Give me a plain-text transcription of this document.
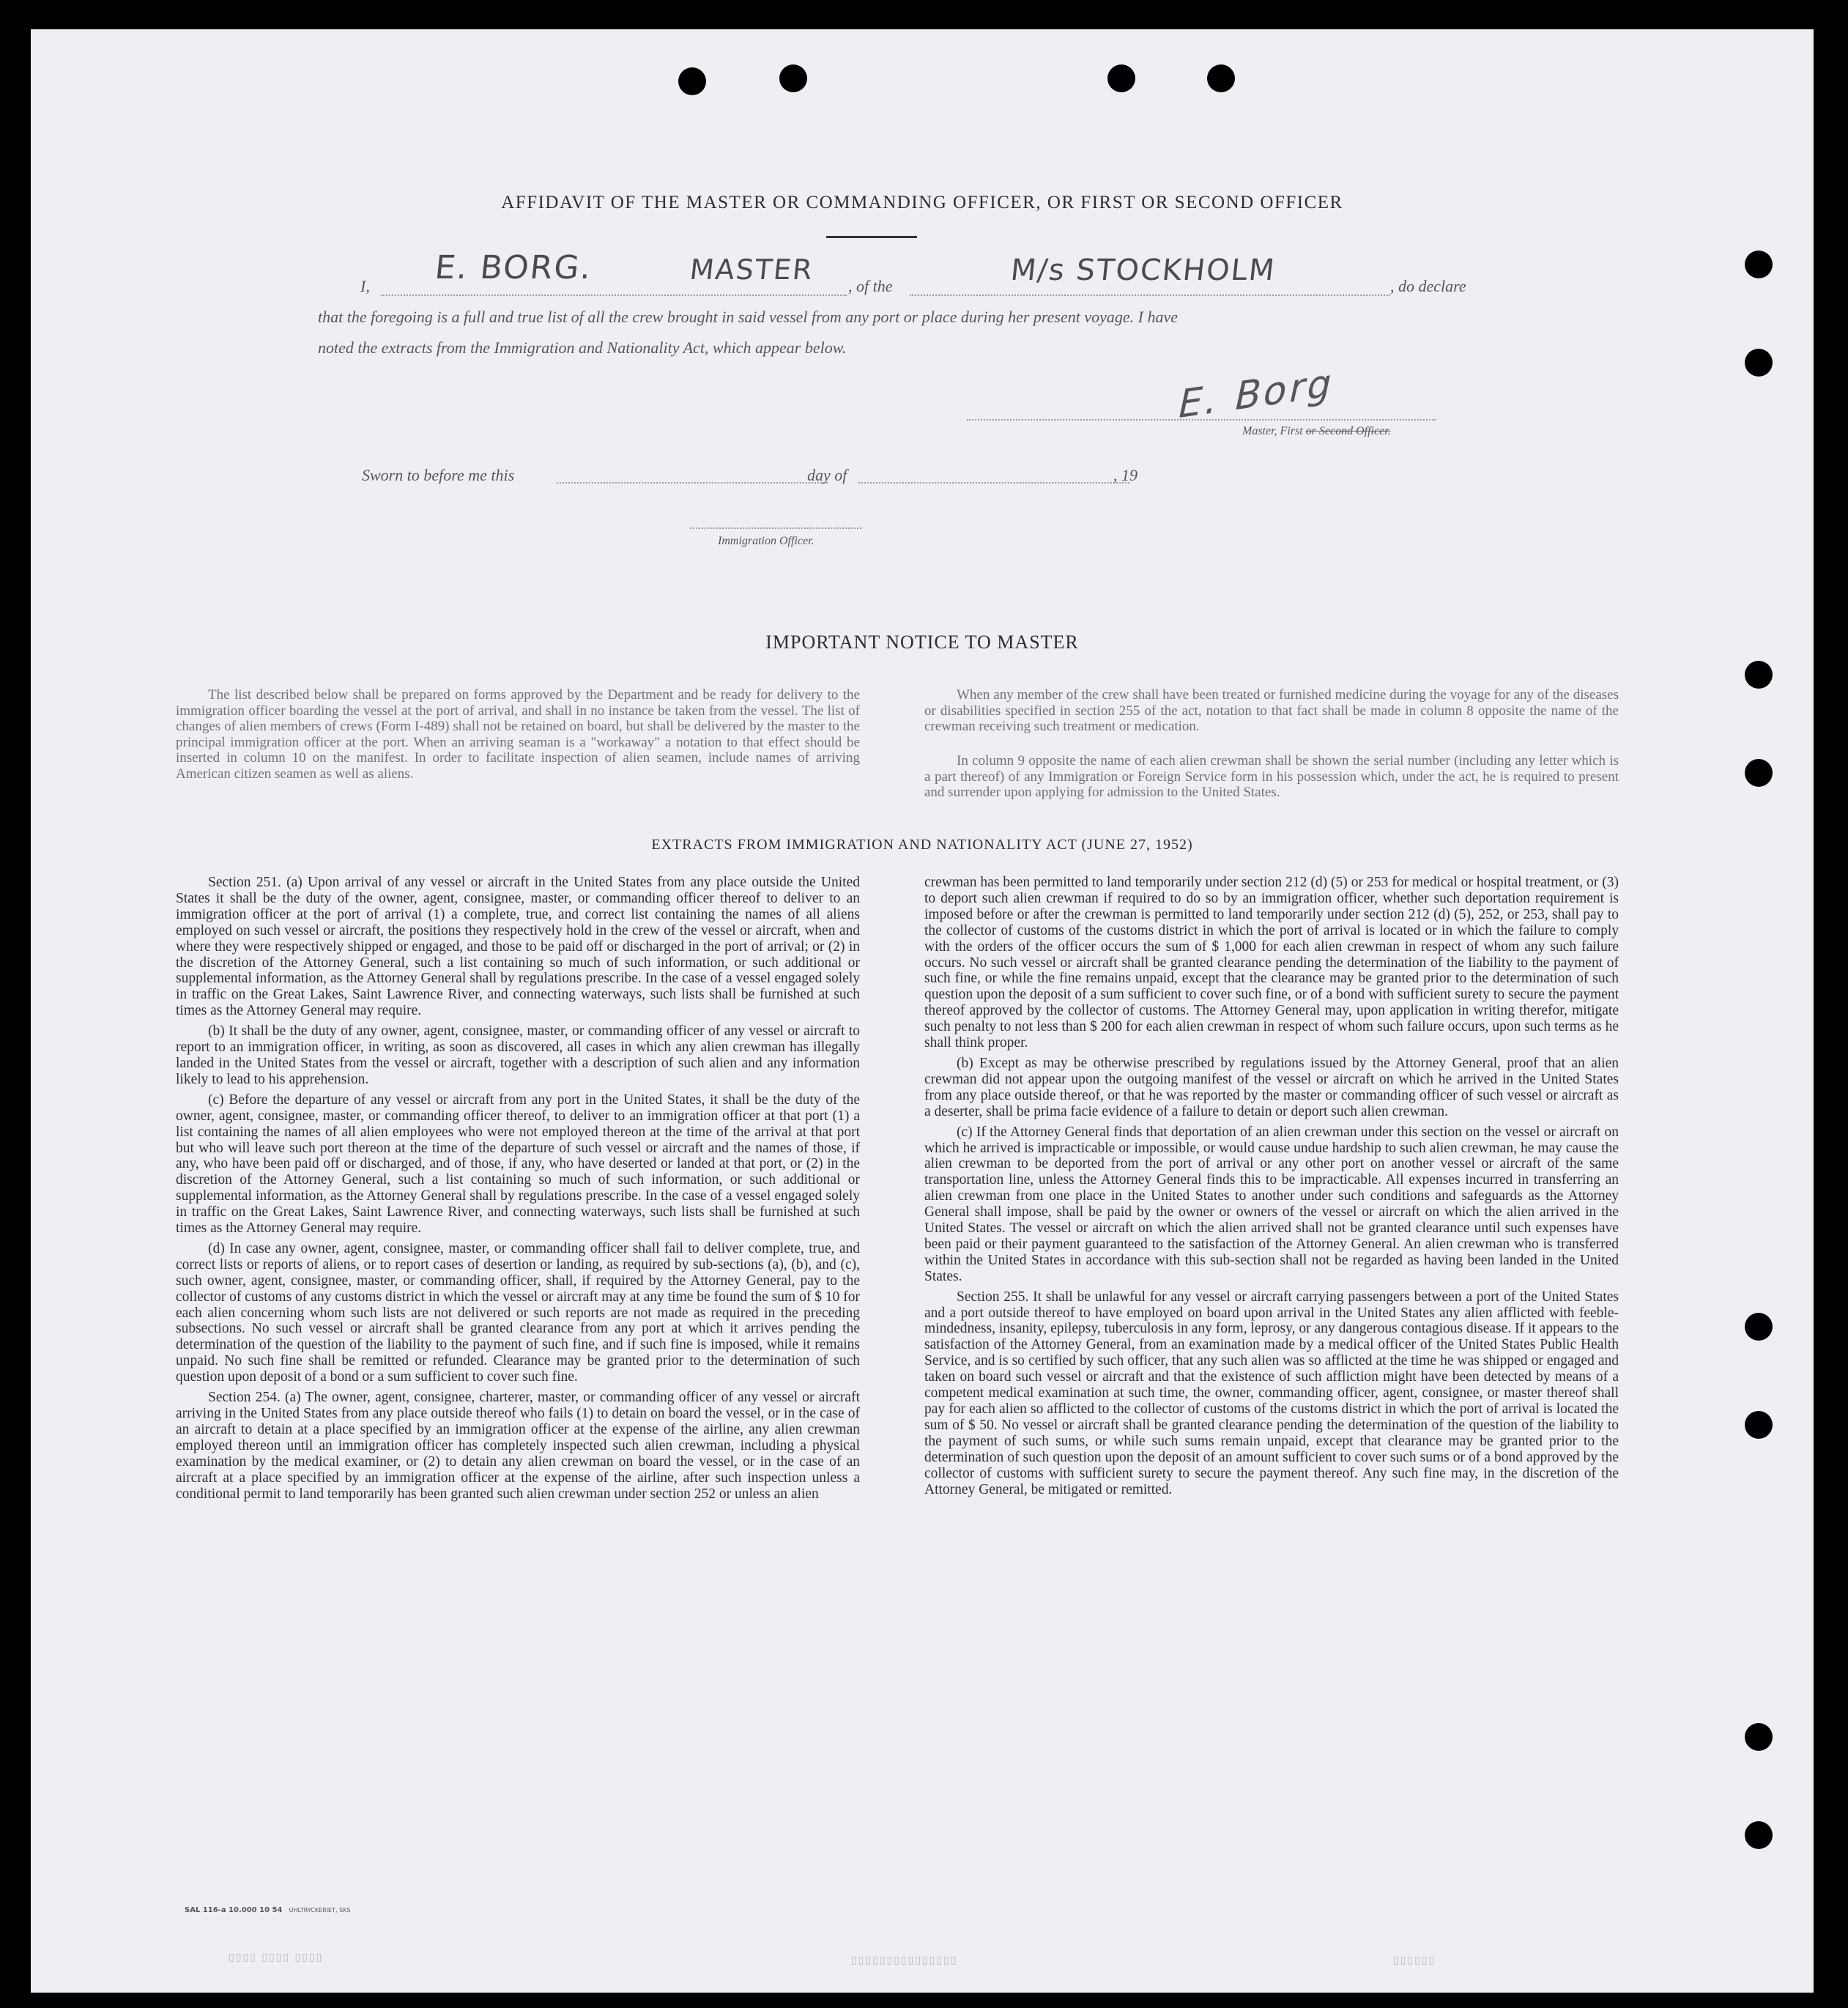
AFFIDAVIT OF THE MASTER OR COMMANDING OFFICER, OR FIRST OR SECOND OFFICER
I, E. BORG.	MASTER
, of the	M/s STOCKHOLM	, do declare
that the foregoing is a full and true list of all the crew brought in said vessel from any port or place during her present voyage. I have
noted the extracts from the Immigration and Nationality Act, which appear below.
E. Borg
Master, First or Second Officer.
Sworn to before me this	day of	, 19
Immigration Officer.
IMPORTANT NOTICE TO MASTER

The list described below shall be prepared on forms approved by the Department and be ready for delivery to the immigration officer boarding the vessel at the port of arrival, and shall in no instance be taken from the vessel. The list of changes of alien members of crews (Form I-489) shall not be retained on board, but shall be delivered by the master to the principal immigration officer at the port. When an arriving seaman is a "workaway" a notation to that effect should be inserted in column 10 on the manifest. In order to facilitate inspection of alien seamen, include names of arriving American citizen seamen as well as aliens.

When any member of the crew shall have been treated or furnished medicine during the voyage for any of the diseases or disabilities specified in section 255 of the act, notation to that fact shall be made in column 8 opposite the name of the crewman receiving such treatment or medication.

In column 9 opposite the name of each alien crewman shall be shown the serial number (including any letter which is a part thereof) of any Immigration or Foreign Service form in his possession which, under the act, he is required to present and surrender upon applying for admission to the United States.

EXTRACTS FROM IMMIGRATION AND NATIONALITY ACT (JUNE 27, 1952)

Section 251. (a) Upon arrival of any vessel or aircraft in the United States from any place outside the United States it shall be the duty of the owner, agent, consignee, master, or commanding officer thereof to deliver to an immigration officer at the port of arrival (1) a complete, true, and correct list containing the names of all aliens employed on such vessel or aircraft, the positions they respectively hold in the crew of the vessel or aircraft, when and where they were respectively shipped or engaged, and those to be paid off or discharged in the port of arrival; or (2) in the discretion of the Attorney General, such a list containing so much of such information, or such additional or supplemental information, as the Attorney General shall by regulations prescribe. In the case of a vessel engaged solely in traffic on the Great Lakes, Saint Lawrence River, and connecting waterways, such lists shall be furnished at such times as the Attorney General may require.

(b) It shall be the duty of any owner, agent, consignee, master, or commanding officer of any vessel or aircraft to report to an immigration officer, in writing, as soon as discovered, all cases in which any alien crewman has illegally landed in the United States from the vessel or aircraft, together with a description of such alien and any information likely to lead to his apprehension.

(c) Before the departure of any vessel or aircraft from any port in the United States, it shall be the duty of the owner, agent, consignee, master, or commanding officer thereof, to deliver to an immigration officer at that port (1) a list containing the names of all alien employees who were not employed thereon at the time of the arrival at that port but who will leave such port thereon at the time of the departure of such vessel or aircraft and the names of those, if any, who have been paid off or discharged, and of those, if any, who have deserted or landed at that port, or (2) in the discretion of the Attorney General, such a list containing so much of such information, or such additional or supplemental information, as the Attorney General shall by regulations prescribe. In the case of a vessel engaged solely in traffic on the Great Lakes, Saint Lawrence River, and connecting waterways, such lists shall be furnished at such times as the Attorney General may require.

(d) In case any owner, agent, consignee, master, or commanding officer shall fail to deliver complete, true, and correct lists or reports of aliens, or to report cases of desertion or landing, as required by sub-sections (a), (b), and (c), such owner, agent, consignee, master, or commanding officer, shall, if required by the Attorney General, pay to the collector of customs of any customs district in which the vessel or aircraft may at any time be found the sum of $ 10 for each alien concerning whom such lists are not delivered or such reports are not made as required in the preceding subsections. No such vessel or aircraft shall be granted clearance from any port at which it arrives pending the determination of the question of the liability to the payment of such fine, and if such fine is imposed, while it remains unpaid. No such fine shall be remitted or refunded. Clearance may be granted prior to the determination of such question upon deposit of a bond or a sum sufficient to cover such fine.

Section 254. (a) The owner, agent, consignee, charterer, master, or commanding officer of any vessel or aircraft arriving in the United States from any place outside thereof who fails (1) to detain on board the vessel, or in the case of an aircraft to detain at a place specified by an immigration officer at the expense of the airline, any alien crewman employed thereon until an immigration officer has completely inspected such alien crewman, including a physical examination by the medical examiner, or (2) to detain any alien crewman on board the vessel, or in the case of an aircraft at a place specified by an immigration officer at the expense of the airline, after such inspection unless a conditional permit to land temporarily has been granted such alien crewman under section 252 or unless an alien

crewman has been permitted to land temporarily under section 212 (d) (5) or 253 for medical or hospital treatment, or (3) to deport such alien crewman if required to do so by an immigration officer, whether such deportation requirement is imposed before or after the crewman is permitted to land temporarily under section 212 (d) (5), 252, or 253, shall pay to the collector of customs of the customs district in which the port of arrival is located or in which the failure to comply with the orders of the officer occurs the sum of $ 1,000 for each alien crewman in respect of whom any such failure occurs. No such vessel or aircraft shall be granted clearance pending the determination of the liability to the payment of such fine, or while the fine remains unpaid, except that the clearance may be granted prior to the determination of such question upon the deposit of a sum sufficient to cover such fine, or of a bond with sufficient surety to secure the payment thereof approved by the collector of customs. The Attorney General may, upon application in writing therefor, mitigate such penalty to not less than $ 200 for each alien crewman in respect of whom such failure occurs, upon such terms as he shall think proper.

(b) Except as may be otherwise prescribed by regulations issued by the Attorney General, proof that an alien crewman did not appear upon the outgoing manifest of the vessel or aircraft on which he arrived in the United States from any place outside thereof, or that he was reported by the master or commanding officer of such vessel or aircraft as a deserter, shall be prima facie evidence of a failure to detain or deport such alien crewman.

(c) If the Attorney General finds that deportation of an alien crewman under this section on the vessel or aircraft on which he arrived is impracticable or impossible, or would cause undue hardship to such alien crewman, he may cause the alien crewman to be deported from the port of arrival or any other port on another vessel or aircraft of the same transportation line, unless the Attorney General finds this to be impracticable. All expenses incurred in transferring an alien crewman from one place in the United States to another under such conditions and safeguards as the Attorney General shall impose, shall be paid by the owner or owners of the vessel or aircraft on which the alien arrived in the United States. The vessel or aircraft on which the alien arrived shall not be granted clearance until such expenses have been paid or their payment guaranteed to the satisfaction of the Attorney General. An alien crewman who is transferred within the United States in accordance with this sub-section shall not be regarded as having been landed in the United States.

Section 255. It shall be unlawful for any vessel or aircraft carrying passengers between a port of the United States and a port outside thereof to have employed on board upon arrival in the United States any alien afflicted with feeble-mindedness, insanity, epilepsy, tuberculosis in any form, leprosy, or any dangerous contagious disease. If it appears to the satisfaction of the Attorney General, from an examination made by a medical officer of the United States Public Health Service, and is so certified by such officer, that any such alien was so afflicted at the time he was shipped or engaged and taken on board such vessel or aircraft and that the existence of such affliction might have been detected by means of a competent medical examination at such time, the owner, commanding officer, agent, consignee, or master thereof shall pay for each alien so afflicted to the collector of customs of the customs district in which the port of arrival is located the sum of $ 50. No vessel or aircraft shall be granted clearance pending the determination of the question of the liability to the payment of such sums, or while such sums remain unpaid, except that clearance may be granted prior to the determination of such question upon the deposit of an amount sufficient to cover such sums or of a bond approved by the collector of customs with sufficient surety to secure the payment thereof. Any such fine may, in the discretion of the Attorney General, be mitigated or remitted.

SAL 116-a 10.000 10 54 UHLTRYCKERIET, SKS
▯▯▯▯ ▯▯▯▯ ▯▯▯▯	▯▯▯▯▯▯▯▯▯▯▯▯▯▯▯	▯▯▯▯▯▯
